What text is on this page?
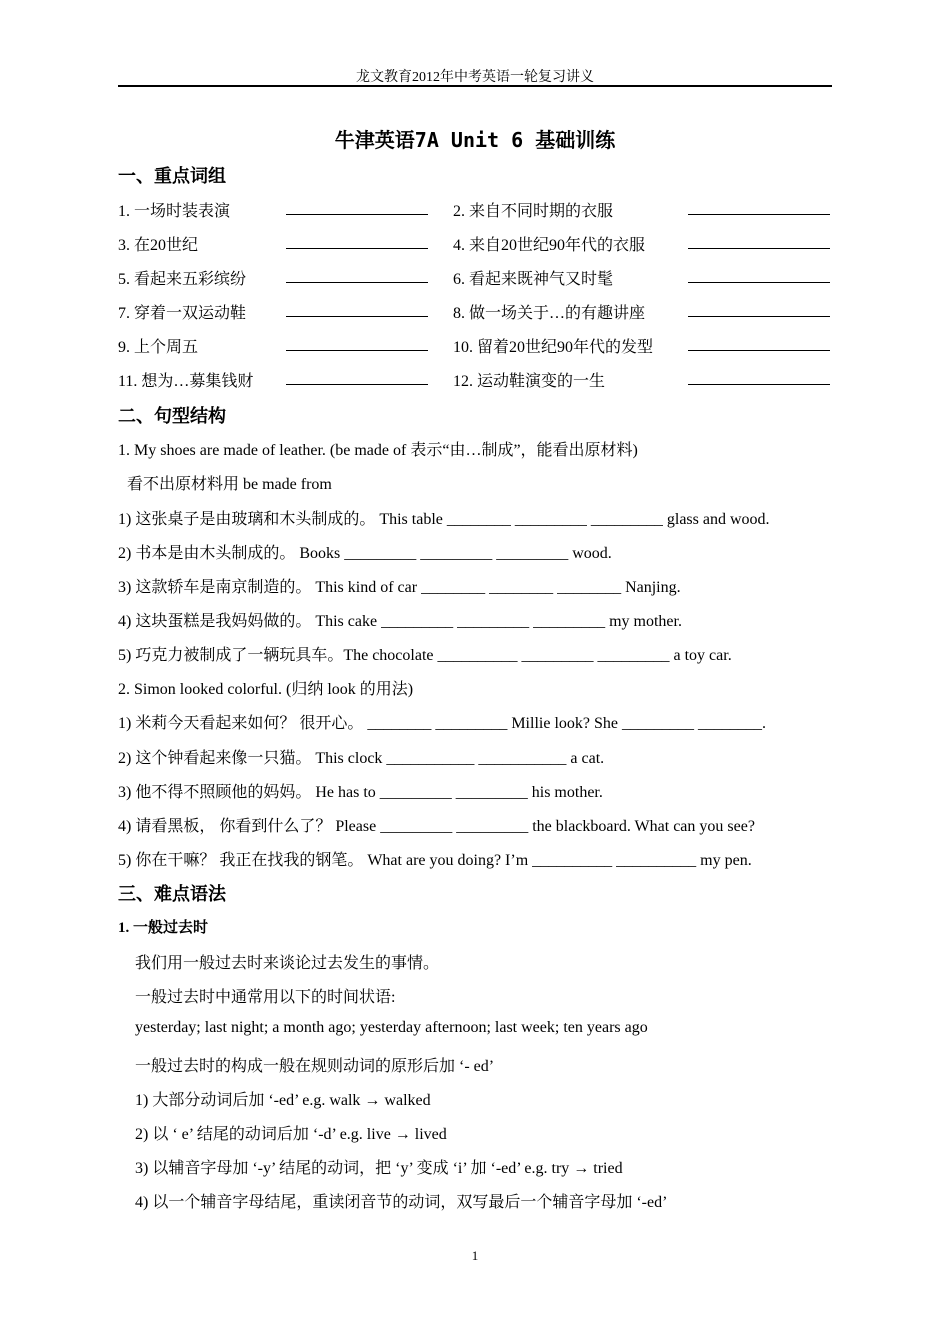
龙文教育2012年中考英语一轮复习讲义
牛津英语7A Unit 6 基础训练
一、重点词组
1. 一场时装表演	2. 来自不同时期的衣服
3. 在20世纪	4. 来自20世纪90年代的衣服
5. 看起来五彩缤纷	6. 看起来既神气又时髦
7. 穿着一双运动鞋	8. 做一场关于…的有趣讲座
9. 上个周五	10. 留着20世纪90年代的发型
11. 想为…募集钱财	12. 运动鞋演变的一生
二、句型结构
1. My shoes are made of leather. (be made of 表示“由…制成”，能看出原材料)
看不出原材料用 be made from
1) 这张桌子是由玻璃和木头制成的。 This table ________ _________ _________ glass and wood.
2) 书本是由木头制成的。 Books _________ _________ _________ wood.
3) 这款轿车是南京制造的。 This kind of car ________ ________ ________ Nanjing.
4) 这块蛋糕是我妈妈做的。 This cake _________ _________ _________ my mother.
5) 巧克力被制成了一辆玩具车。The chocolate __________ _________ _________ a toy car.
2. Simon looked colorful. (归纳 look 的用法)
1) 米莉今天看起来如何？ 很开心。 ________ _________ Millie look? She _________ ________.
2) 这个钟看起来像一只猫。 This clock ___________ ___________ a cat.
3) 他不得不照顾他的妈妈。 He has to _________ _________ his mother.
4) 请看黑板， 你看到什么了？ Please _________ _________ the blackboard. What can you see?
5) 你在干嘛？ 我正在找我的钢笔。 What are you doing? I’m __________ __________ my pen.
三、难点语法
1. 一般过去时
我们用一般过去时来谈论过去发生的事情。
一般过去时中通常用以下的时间状语:
yesterday; last night; a month ago; yesterday afternoon; last week; ten years ago
一般过去时的构成一般在规则动词的原形后加 ‘- ed’
1) 大部分动词后加 ‘-ed’ e.g. walk → walked
2) 以 ‘ e’ 结尾的动词后加 ‘-d’ e.g. live → lived
3) 以辅音字母加 ‘-y’ 结尾的动词，把 ‘y’ 变成 ‘i’ 加 ‘-ed’ e.g. try → tried
4) 以一个辅音字母结尾，重读闭音节的动词，双写最后一个辅音字母加 ‘-ed’
1
